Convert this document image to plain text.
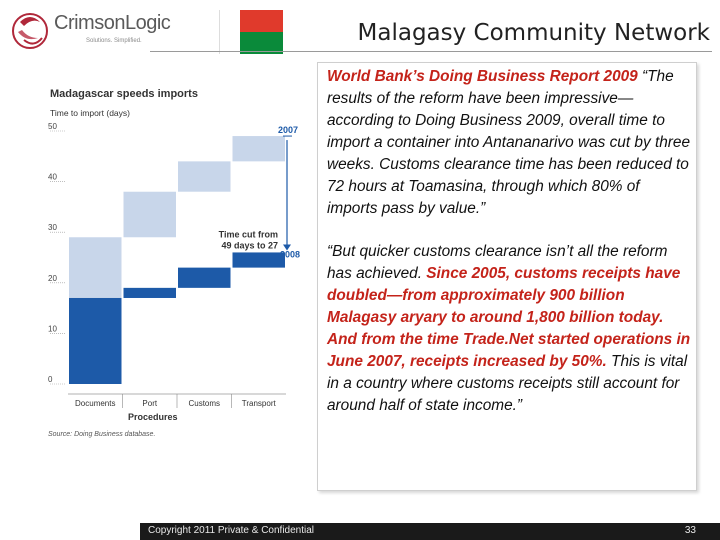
CrimsonLogic
Solutions. Simplified.	Malagasy Community Network
Madagascar speeds imports
Time to import (days)
0
10
20
30
40
50	2007
2008
Time cut from
49 days to 27
Documents	Port	Customs	Transport
Procedures
Source: Doing Business database.
World Bank’s Doing Business Report 2009 “The results of the reform have been impressive—according to Doing Business 2009, overall time to import a container into Antananarivo was cut by three weeks. Customs clearance time has been reduced to 72 hours at Toamasina, through which 80% of imports pass by value.”
“But quicker customs clearance isn’t all the reform has achieved. Since 2005, customs receipts have doubled—from approximately 900 billion Malagasy aryary to around 1,800 billion today. And from the time Trade.Net started operations in June 2007, receipts increased by 50%. This is vital in a country where customs receipts still account for around half of state income.”
Copyright 2011 Private & Confidential	33
